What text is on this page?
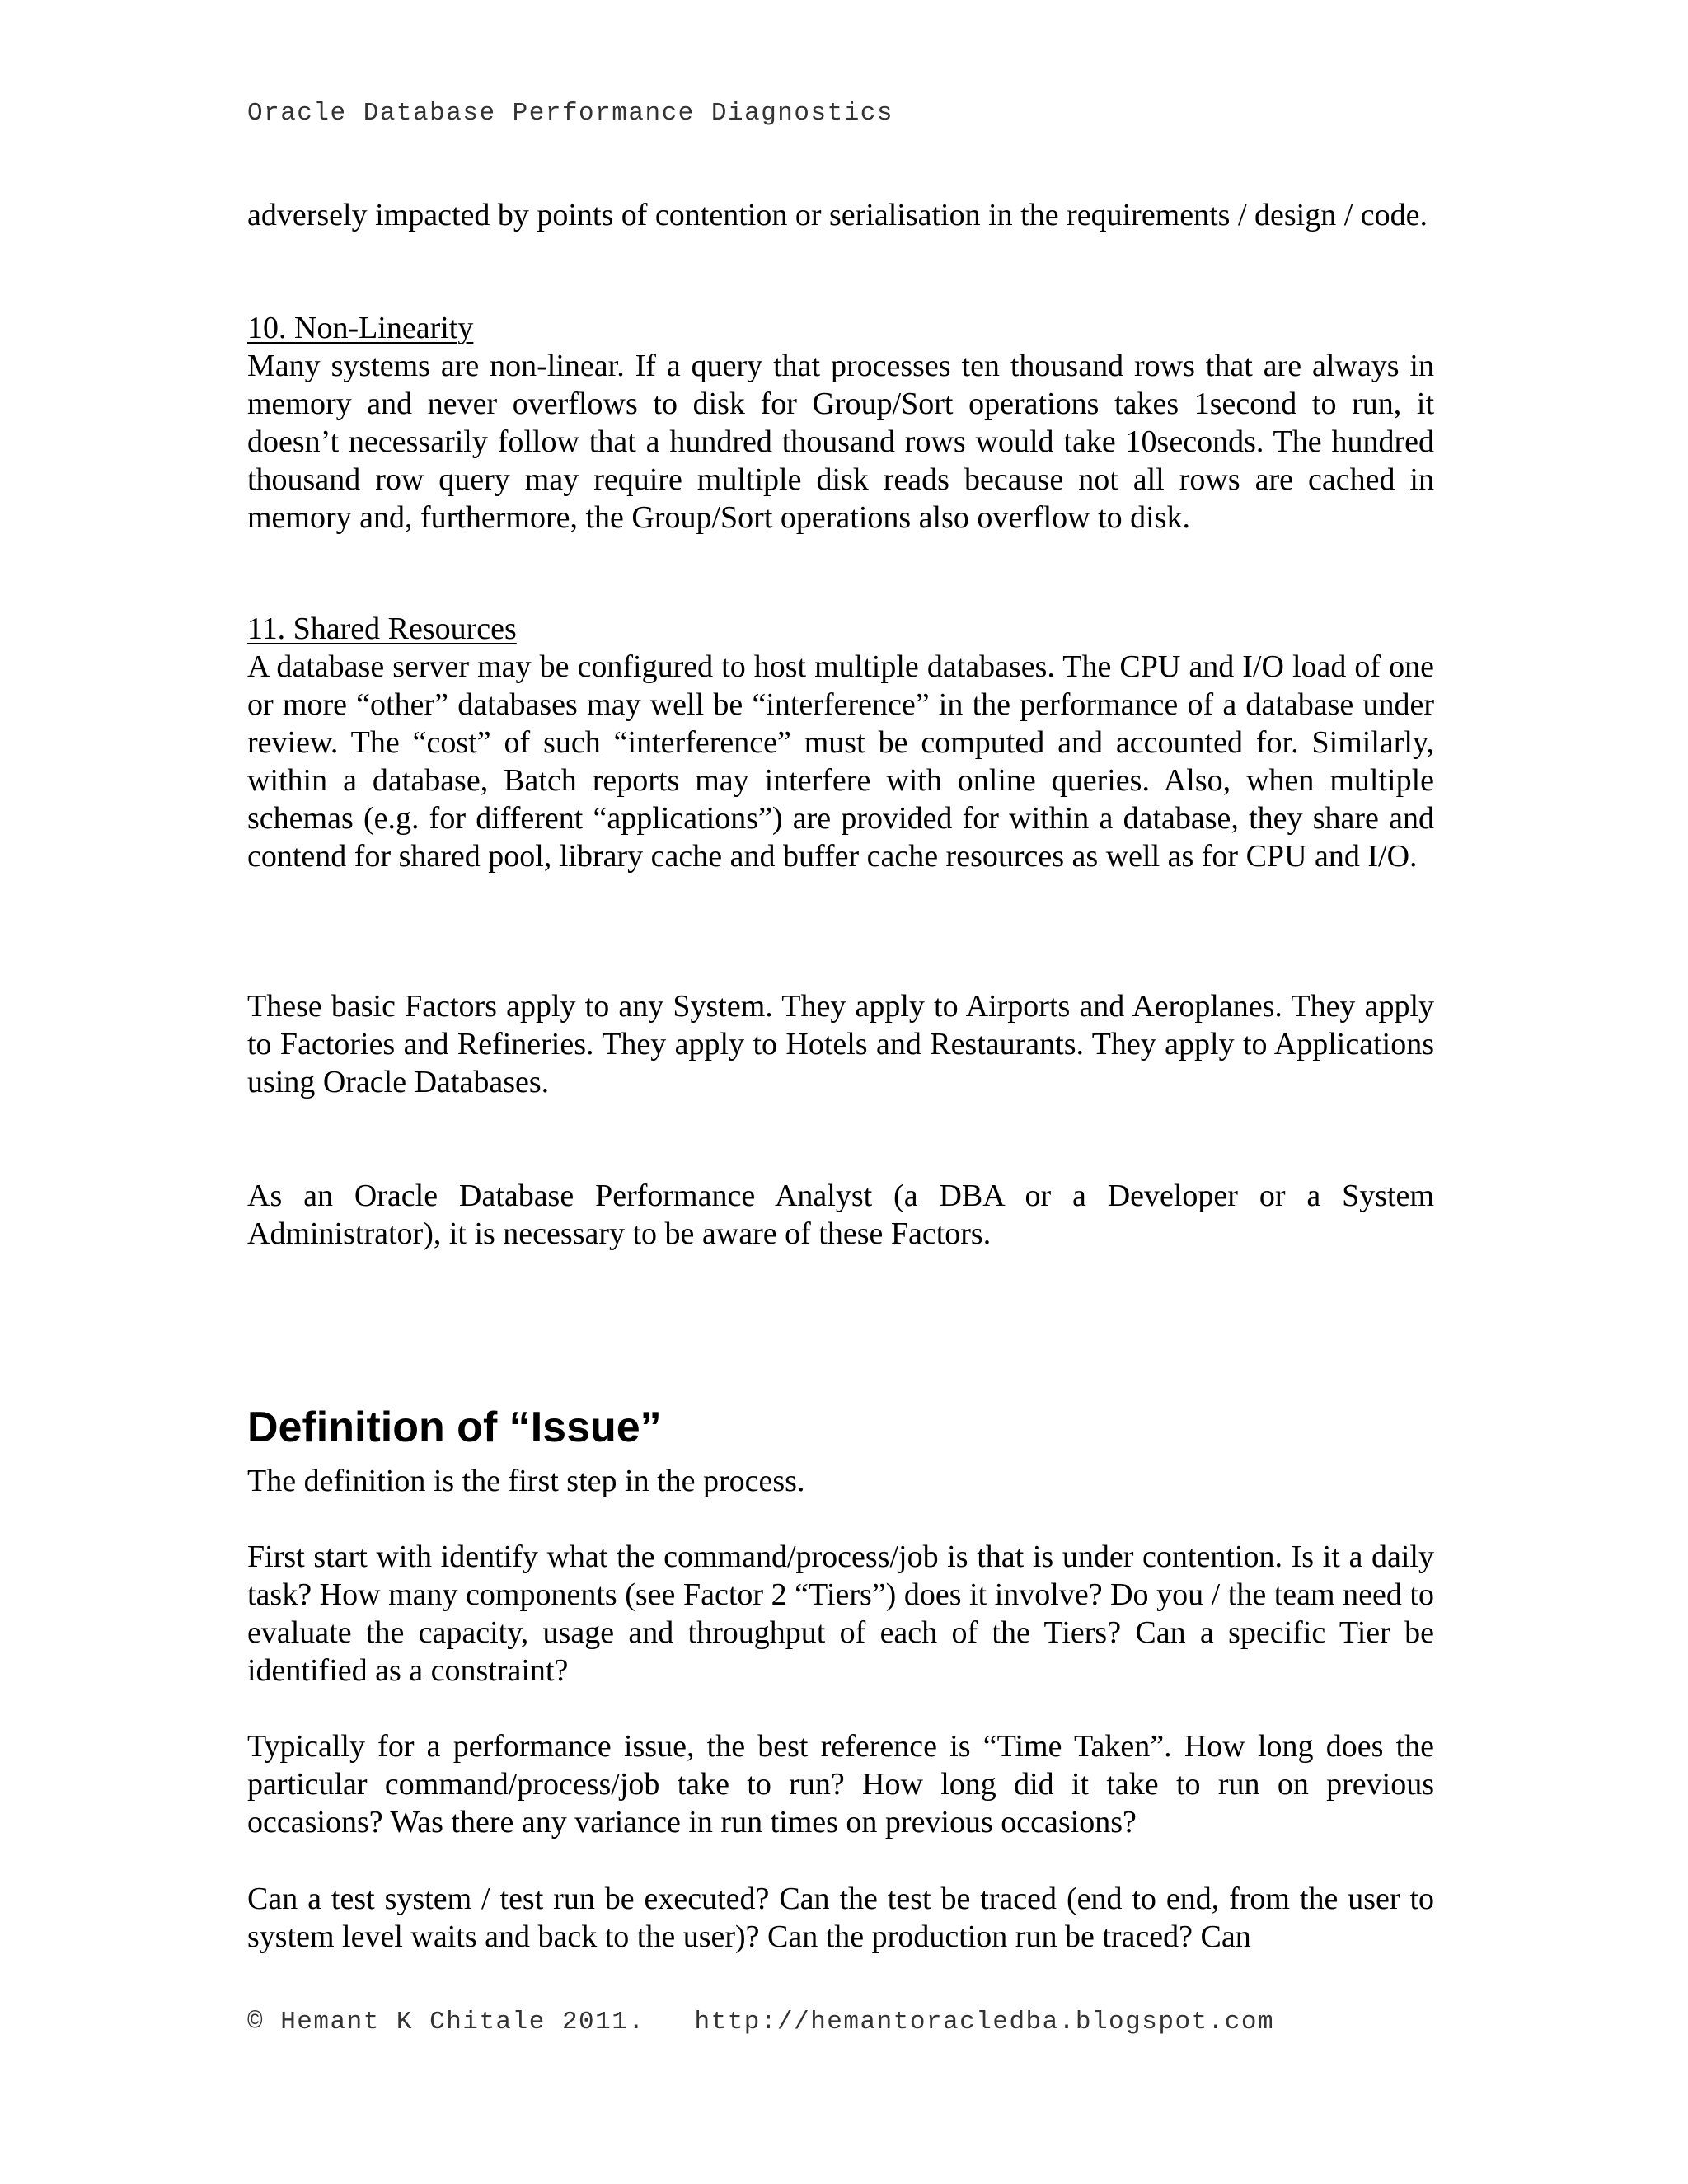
Oracle Database Performance Diagnostics

adversely impacted by points of contention or serialisation in the requirements / design / code.

10. Non-Linearity

Many systems are non-linear. If a query that processes ten thousand rows that are always in memory and never overflows to disk for Group/Sort operations takes 1second to run, it doesn’t necessarily follow that a hundred thousand rows would take 10seconds. The hundred thousand row query may require multiple disk reads because not all rows are cached in memory and, furthermore, the Group/Sort operations also overflow to disk.

11. Shared Resources

A database server may be configured to host multiple databases. The CPU and I/O load of one or more “other” databases may well be “interference” in the performance of a database under review. The “cost” of such “interference” must be computed and accounted for. Similarly, within a database, Batch reports may interfere with online queries. Also, when multiple schemas (e.g. for different “applications”) are provided for within a database, they share and contend for shared pool, library cache and buffer cache resources as well as for CPU and I/O.

These basic Factors apply to any System. They apply to Airports and Aeroplanes. They apply to Factories and Refineries. They apply to Hotels and Restaurants. They apply to Applications using Oracle Databases.

As an Oracle Database Performance Analyst (a DBA or a Developer or a System Administrator), it is necessary to be aware of these Factors.

Definition of “Issue”

The definition is the first step in the process.

First start with identify what the command/process/job is that is under contention. Is it a daily task? How many components (see Factor 2 “Tiers”) does it involve? Do you / the team need to evaluate the capacity, usage and throughput of each of the Tiers? Can a specific Tier be identified as a constraint?

Typically for a performance issue, the best reference is “Time Taken”. How long does the particular command/process/job take to run? How long did it take to run on previous occasions? Was there any variance in run times on previous occasions?

Can a test system / test run be executed? Can the test be traced (end to end, from the user to system level waits and back to the user)? Can the production run be traced? Can

© Hemant K Chitale 2011. http://hemantoracledba.blogspot.com
